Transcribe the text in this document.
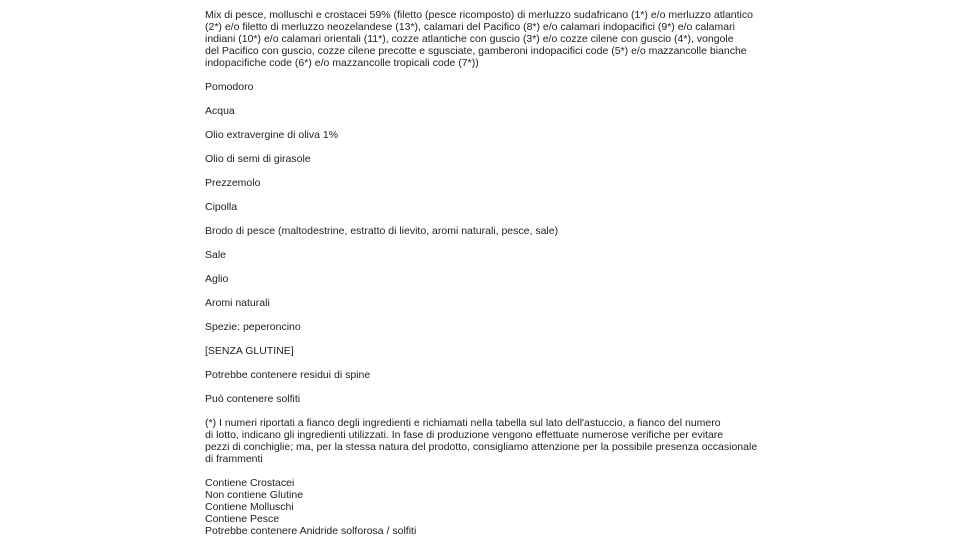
Mix di pesce, molluschi e crostacei 59% (filetto (pesce ricomposto) di merluzzo sudafricano (1*) e/o merluzzo atlantico
(2*) e/o filetto di merluzzo neozelandese (13*), calamari del Pacifico (8*) e/o calamari indopacifici (9*) e/o calamari
indiani (10*) e/o calamari orientali (11*), cozze atlantiche con guscio (3*) e/o cozze cilene con guscio (4*), vongole
del Pacifico con guscio, cozze cilene precotte e sgusciate, gamberoni indopacifici code (5*) e/o mazzancolle bianche
indopacifiche code (6*) e/o mazzancolle tropicali code (7*))

Pomodoro

Acqua

Olio extravergine di oliva 1%

Olio di semi di girasole

Prezzemolo

Cipolla

Brodo di pesce (maltodestrine, estratto di lievito, aromi naturali, pesce, sale)

Sale

Aglio

Aromi naturali

Spezie: peperoncino

[SENZA GLUTINE]

Potrebbe contenere residui di spine

Può contenere solfiti

(*) I numeri riportati a fianco degli ingredienti e richiamati nella tabella sul lato dell'astuccio, a fianco del numero
di lotto, indicano gli ingredienti utilizzati. In fase di produzione vengono effettuate numerose verifiche per evitare
pezzi di conchiglie; ma, per la stessa natura del prodotto, consigliamo attenzione per la possibile presenza occasionale
di frammenti

Contiene Crostacei
Non contiene Glutine
Contiene Molluschi
Contiene Pesce
Potrebbe contenere Anidride solforosa / solfiti
